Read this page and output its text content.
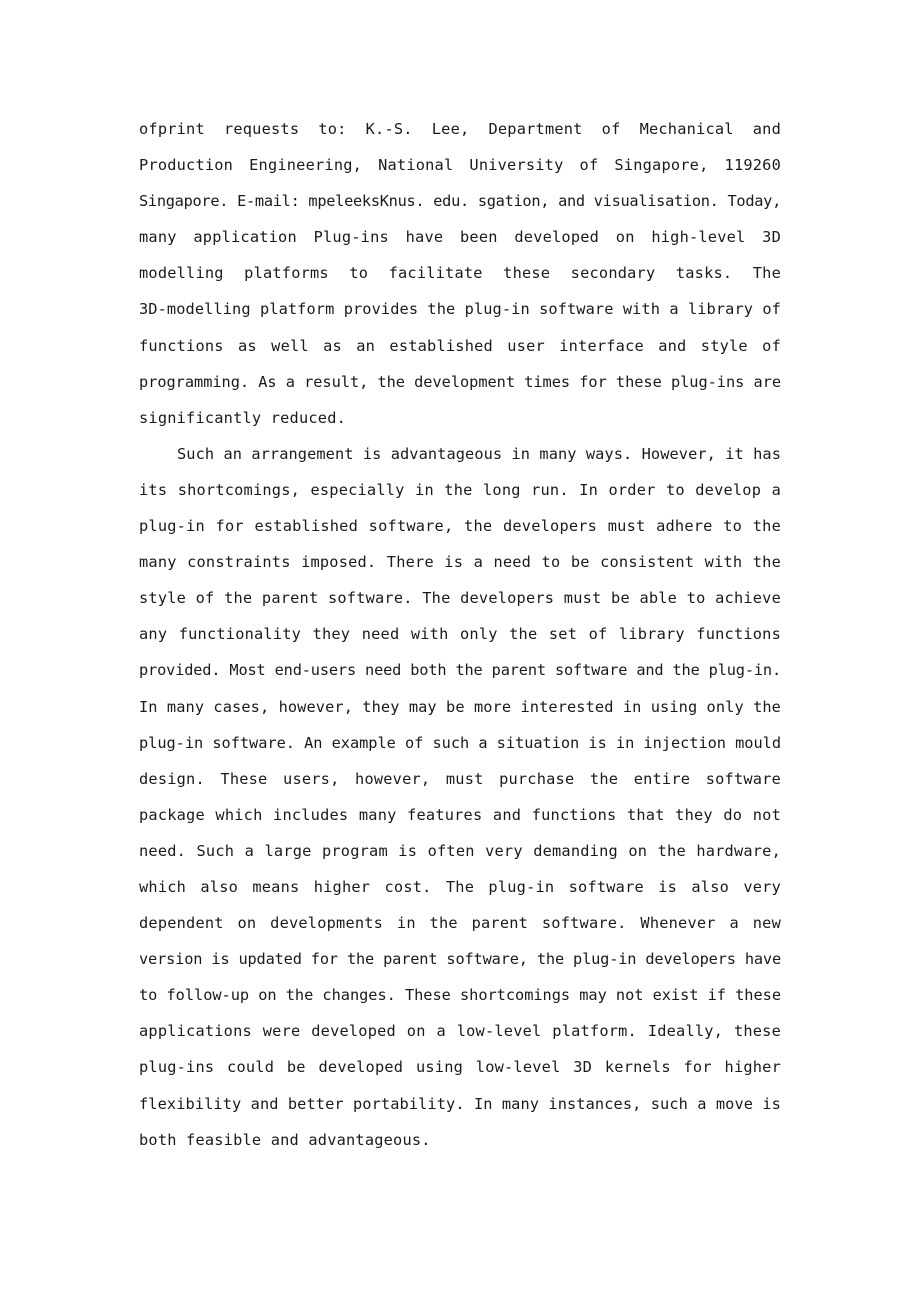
ofprint requests to: K.-S. Lee, Department of Mechanical and
Production Engineering, National University of Singapore, 119260
Singapore. E-mail: mpeleeksKnus. edu. sgation, and visualisation. Today,
many application Plug-ins have been developed on high-level 3D
modelling platforms to facilitate these secondary tasks. The
3D-modelling platform provides the plug-in software with a library of
functions as well as an established user interface and style of
programming. As a result, the development times for these plug-ins are
significantly reduced.
Such an arrangement is advantageous in many ways. However, it has
its shortcomings, especially in the long run. In order to develop a
plug-in for established software, the developers must adhere to the
many constraints imposed. There is a need to be consistent with the
style of the parent software. The developers must be able to achieve
any functionality they need with only the set of library functions
provided. Most end-users need both the parent software and the plug-in.
In many cases, however, they may be more interested in using only the
plug-in software. An example of such a situation is in injection mould
design. These users, however, must purchase the entire software
package which includes many features and functions that they do not
need. Such a large program is often very demanding on the hardware,
which also means higher cost. The plug-in software is also very
dependent on developments in the parent software. Whenever a new
version is updated for the parent software, the plug-in developers have
to follow-up on the changes. These shortcomings may not exist if these
applications were developed on a low-level platform. Ideally, these
plug-ins could be developed using low-level 3D kernels for higher
flexibility and better portability. In many instances, such a move is
both feasible and advantageous.
